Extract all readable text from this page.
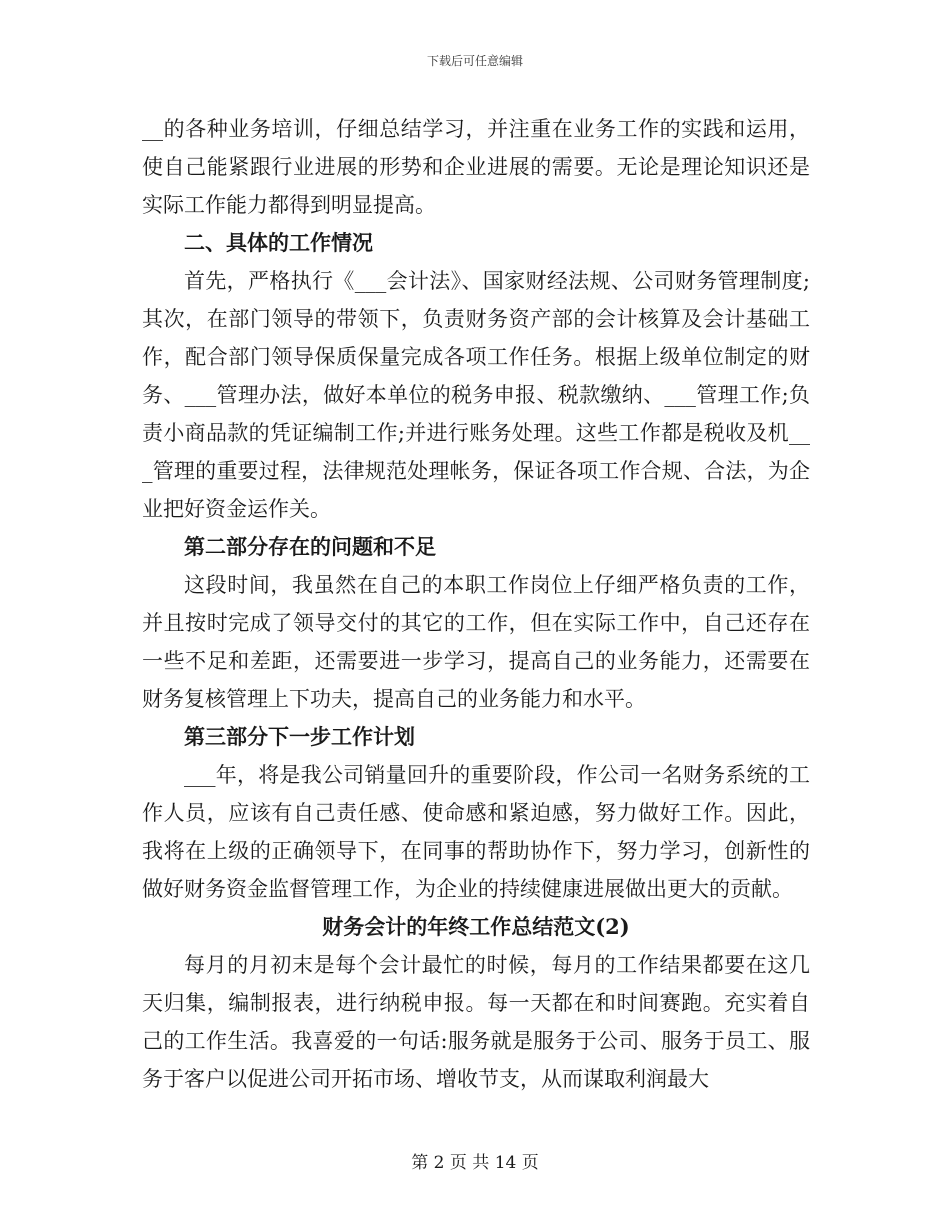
下载后可任意编辑

__的各种业务培训，仔细总结学习，并注重在业务工作的实践和运用，使自己能紧跟行业进展的形势和企业进展的需要。无论是理论知识还是实际工作能力都得到明显提高。

二、具体的工作情况

首先，严格执行《___会计法》、国家财经法规、公司财务管理制度;其次，在部门领导的带领下，负责财务资产部的会计核算及会计基础工作，配合部门领导保质保量完成各项工作任务。根据上级单位制定的财务、___管理办法，做好本单位的税务申报、税款缴纳、___管理工作;负责小商品款的凭证编制工作;并进行账务处理。这些工作都是税收及机___管理的重要过程，法律规范处理帐务，保证各项工作合规、合法，为企业把好资金运作关。

第二部分存在的问题和不足

这段时间，我虽然在自己的本职工作岗位上仔细严格负责的工作，并且按时完成了领导交付的其它的工作，但在实际工作中，自己还存在一些不足和差距，还需要进一步学习，提高自己的业务能力，还需要在财务复核管理上下功夫，提高自己的业务能力和水平。

第三部分下一步工作计划

___年，将是我公司销量回升的重要阶段，作公司一名财务系统的工作人员，应该有自己责任感、使命感和紧迫感，努力做好工作。因此，我将在上级的正确领导下，在同事的帮助协作下，努力学习，创新性的做好财务资金监督管理工作，为企业的持续健康进展做出更大的贡献。

财务会计的年终工作总结范文(2)

每月的月初末是每个会计最忙的时候，每月的工作结果都要在这几天归集，编制报表，进行纳税申报。每一天都在和时间赛跑。充实着自己的工作生活。我喜爱的一句话:服务就是服务于公司、服务于员工、服务于客户以促进公司开拓市场、增收节支，从而谋取利润最大

第 2 页 共 14 页
